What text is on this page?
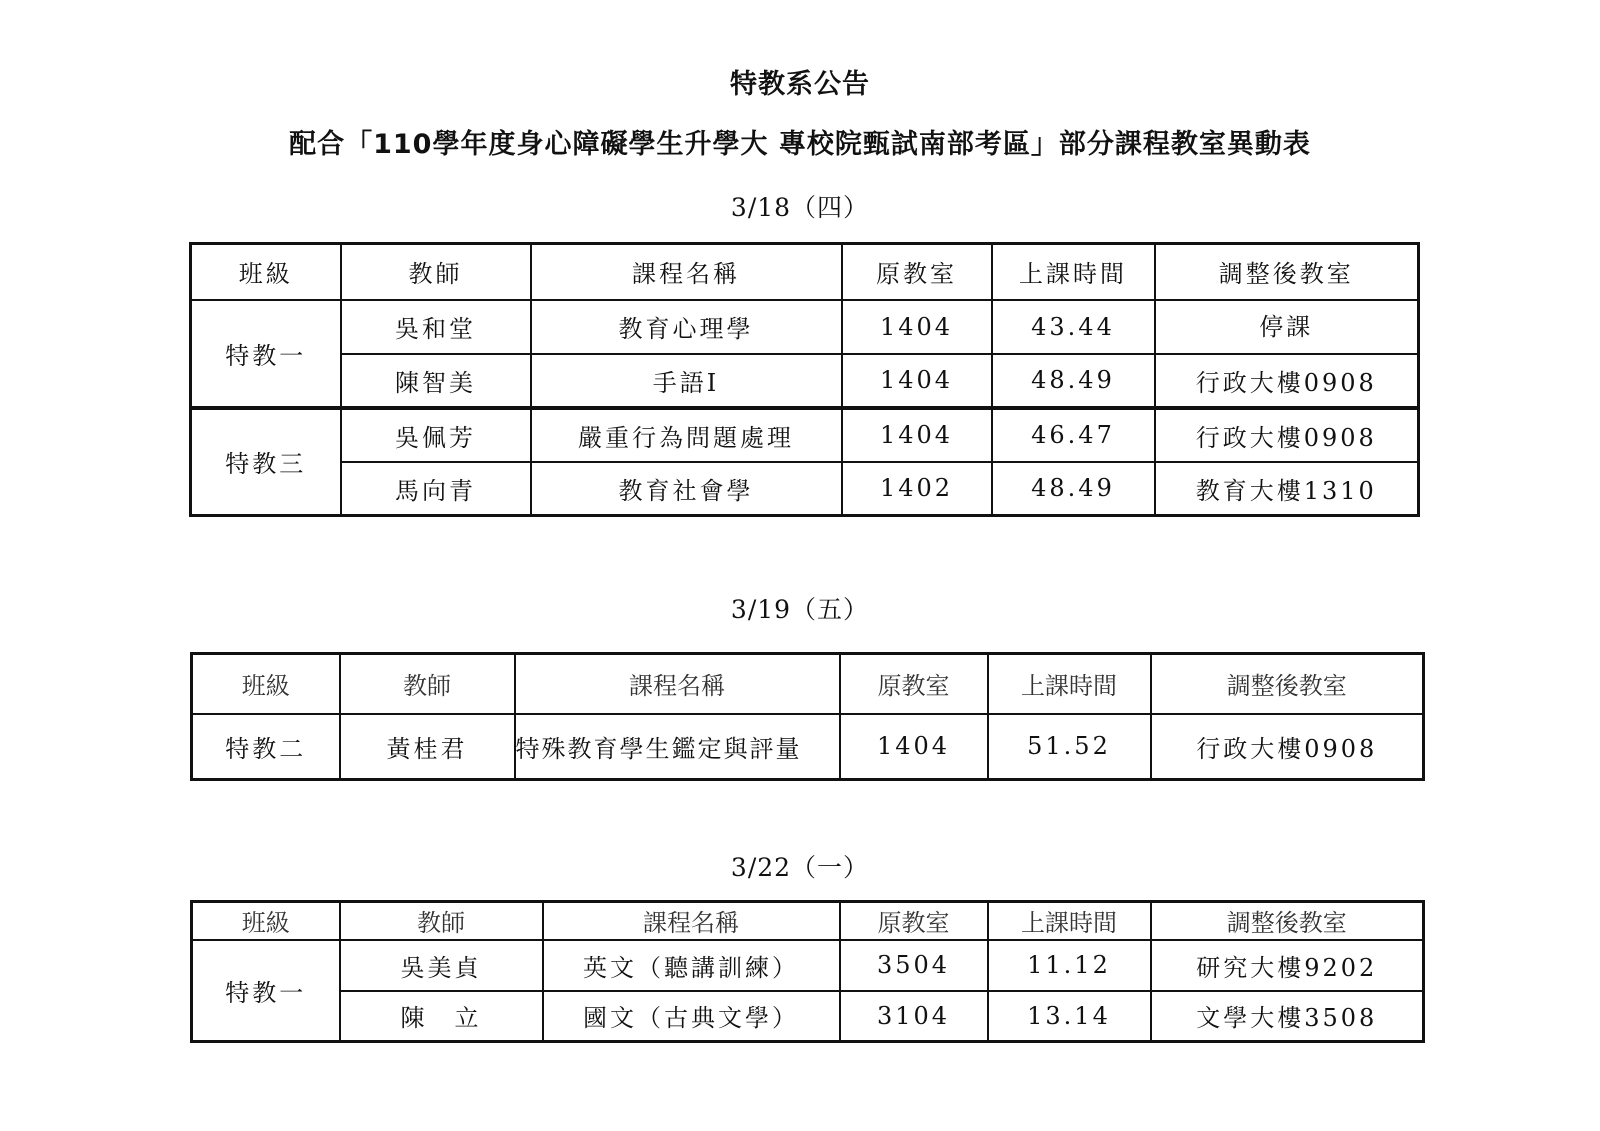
特教系公告
配合「110學年度身心障礙學生升學大 專校院甄試南部考區」部分課程教室異動表
3/18（四）
班級	教師	課程名稱	原教室	上課時間	調整後教室
特教一	吳和堂	教育心理學	1404	43.44	停課
	陳智美	手語Ⅰ	1404	48.49	行政大樓0908
特教三	吳佩芳	嚴重行為問題處理	1404	46.47	行政大樓0908
	馬向青	教育社會學	1402	48.49	教育大樓1310
3/19（五）
班級	教師	課程名稱	原教室	上課時間	調整後教室
特教二	黃桂君	特殊教育學生鑑定與評量	1404	51.52	行政大樓0908
3/22（一）
班級	教師	課程名稱	原教室	上課時間	調整後教室
特教一	吳美貞	英文（聽講訓練）	3504	11.12	研究大樓9202
	陳　立	國文（古典文學）	3104	13.14	文學大樓3508
